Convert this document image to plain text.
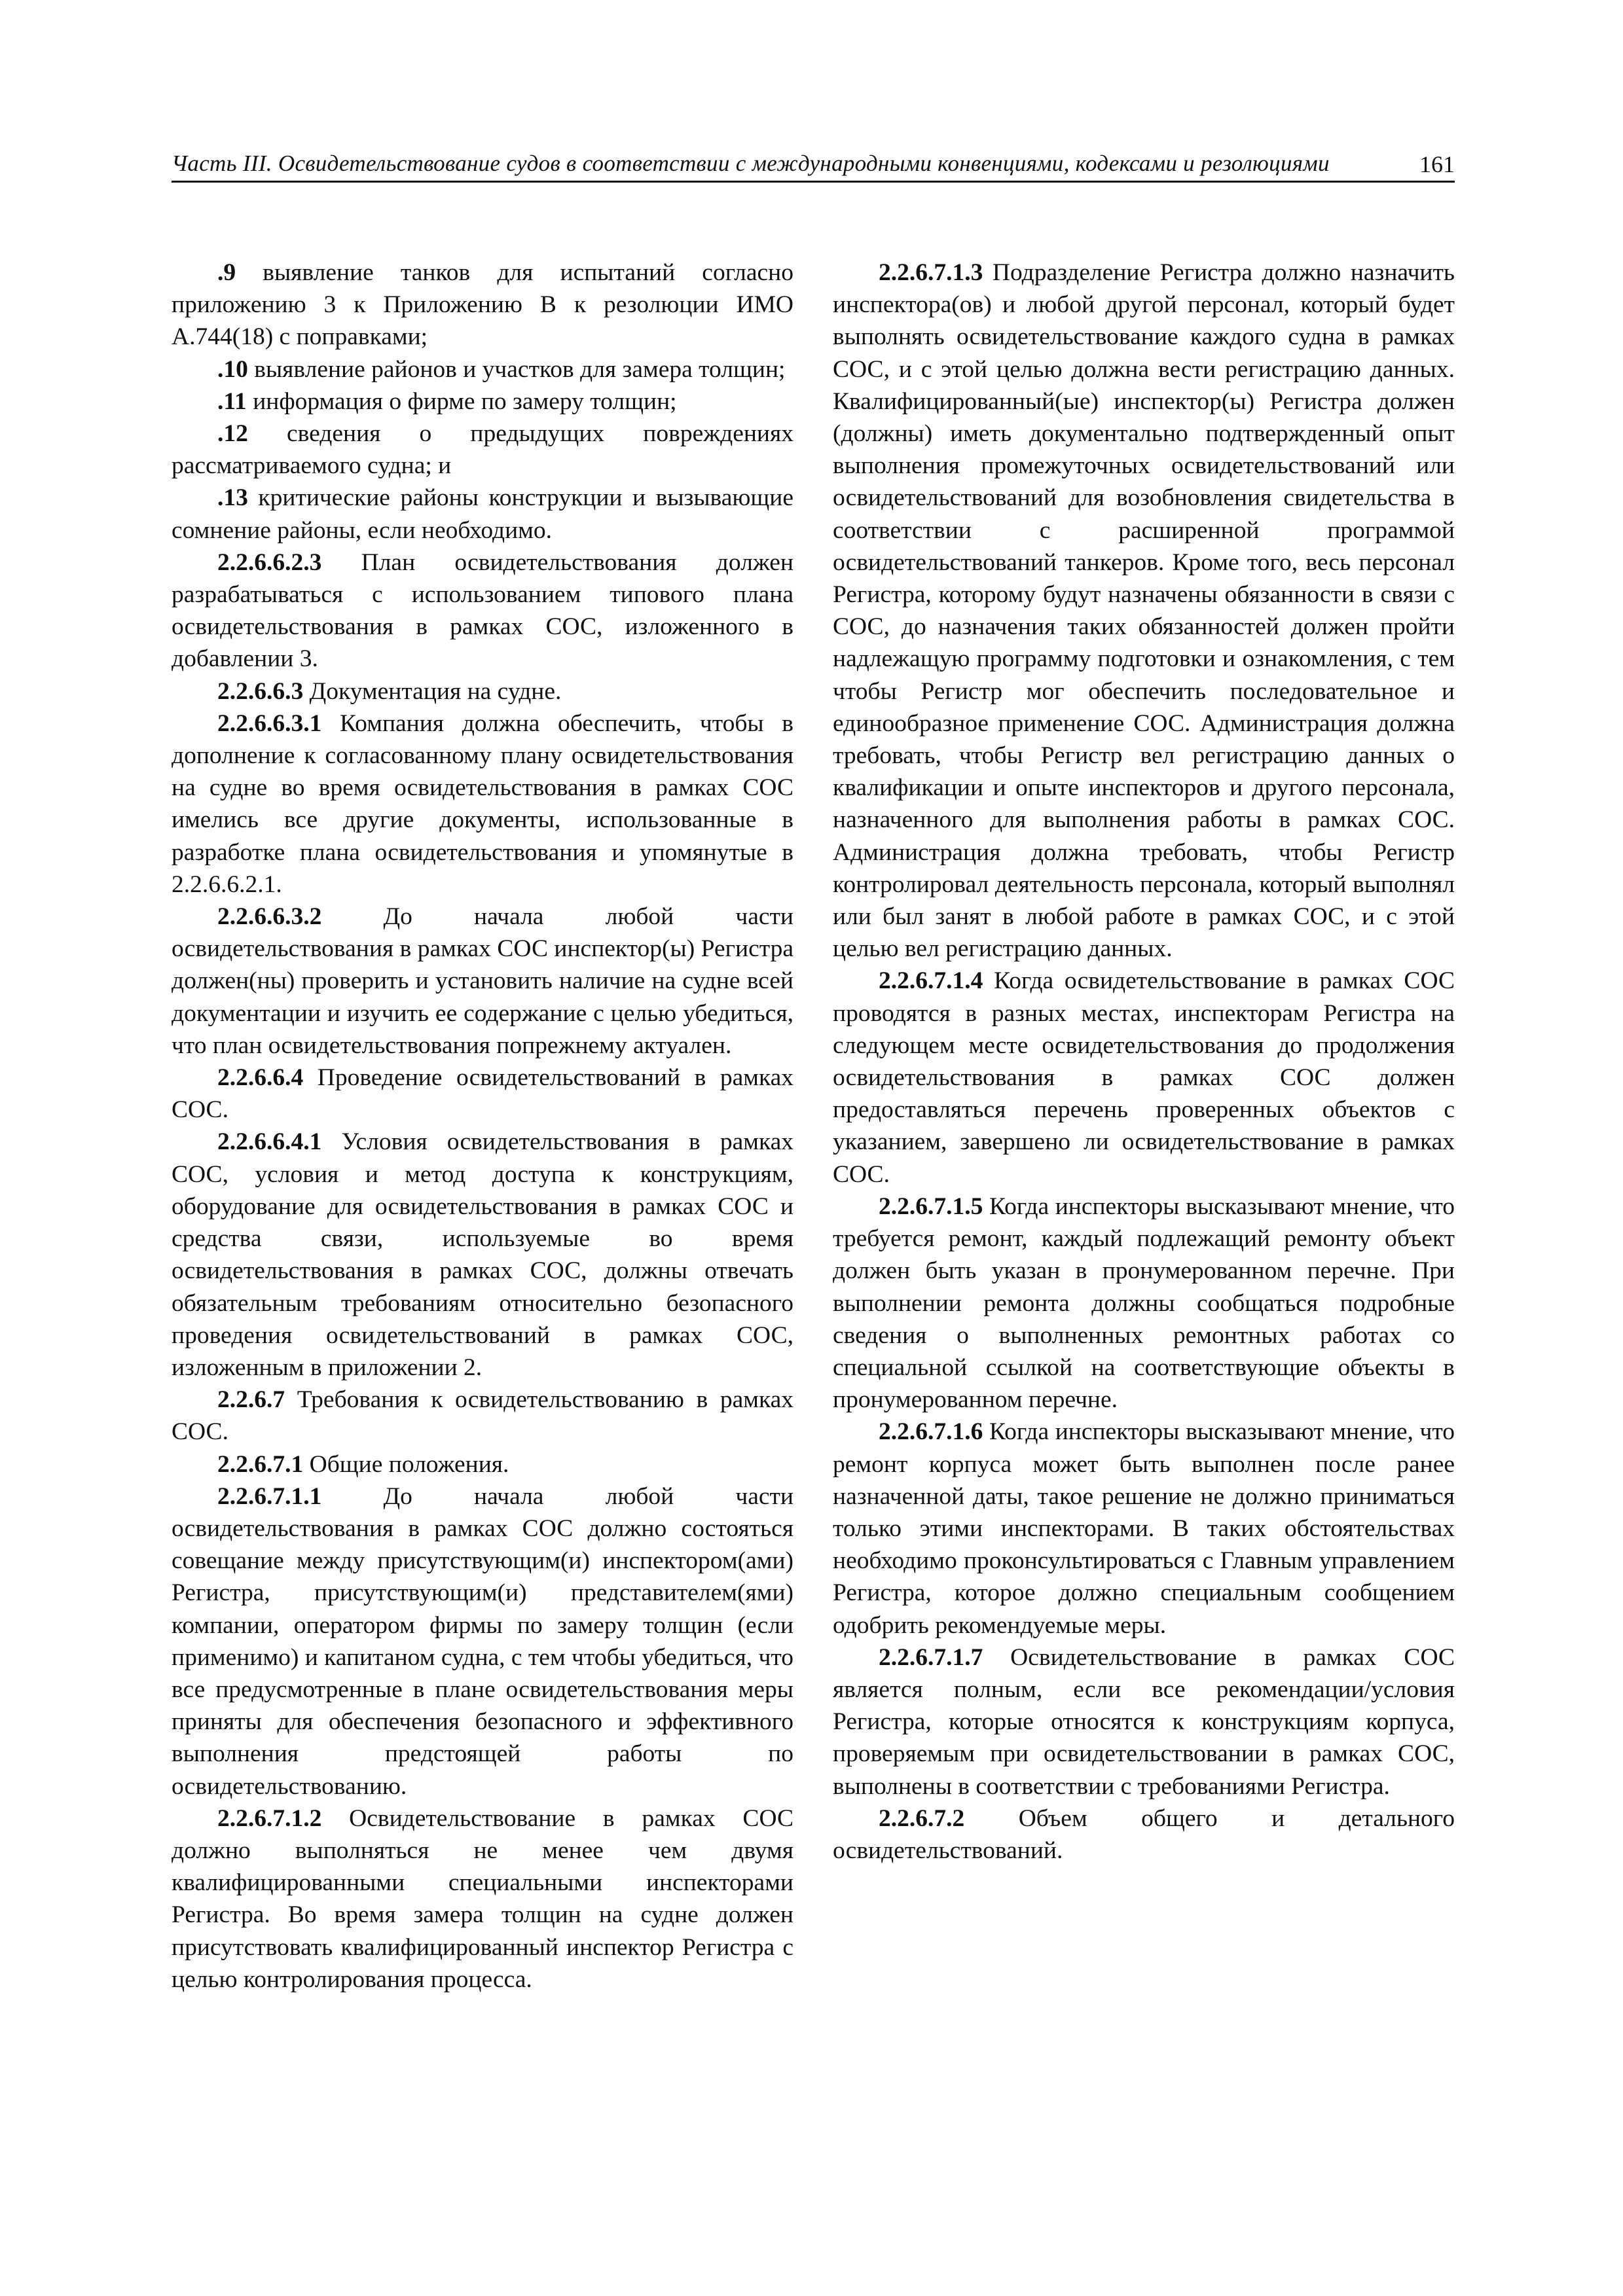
Часть III. Освидетельствование судов в соответствии с международными конвенциями, кодексами и резолюциями	161

.9 выявление танков для испытаний согласно приложению 3 к Приложению В к резолюции ИМО А.744(18) с поправками;

.10 выявление районов и участков для замера толщин;

.11 информация о фирме по замеру толщин;

.12 сведения о предыдущих повреждениях рассматриваемого судна; и

.13 критические районы конструкции и вызывающие сомнение районы, если необходимо.

2.2.6.6.2.3 План освидетельствования должен разрабатываться с использованием типового плана освидетельствования в рамках СОС, изложенного в добавлении 3.

2.2.6.6.3 Документация на судне.

2.2.6.6.3.1 Компания должна обеспечить, чтобы в дополнение к согласованному плану освидетельствования на судне во время освидетельствования в рамках СОС имелись все другие документы, использованные в разработке плана освидетельствования и упомянутые в 2.2.6.6.2.1.

2.2.6.6.3.2 До начала любой части освидетельствования в рамках СОС инспектор(ы) Регистра должен(ны) проверить и установить наличие на судне всей документации и изучить ее содержание с целью убедиться, что план освидетельствования попрежнему актуален.

2.2.6.6.4 Проведение освидетельствований в рамках СОС.

2.2.6.6.4.1 Условия освидетельствования в рамках СОС, условия и метод доступа к конструкциям, оборудование для освидетельствования в рамках СОС и средства связи, используемые во время освидетельствования в рамках СОС, должны отвечать обязательным требованиям относительно безопасного проведения освидетельствований в рамках СОС, изложенным в приложении 2.

2.2.6.7 Требования к освидетельствованию в рамках СОС.

2.2.6.7.1 Общие положения.

2.2.6.7.1.1 До начала любой части освидетельствования в рамках СОС должно состояться совещание между присутствующим(и) инспектором(ами) Регистра, присутствующим(и) представителем(ями) компании, оператором фирмы по замеру толщин (если применимо) и капитаном судна, с тем чтобы убедиться, что все предусмотренные в плане освидетельствования меры приняты для обеспечения безопасного и эффективного выполнения предстоящей работы по освидетельствованию.

2.2.6.7.1.2 Освидетельствование в рамках СОС должно выполняться не менее чем двумя квалифицированными специальными инспекторами Регистра. Во время замера толщин на судне должен присутствовать квалифицированный инспектор Регистра с целью контролирования процесса.

2.2.6.7.1.3 Подразделение Регистра должно назначить инспектора(ов) и любой другой персонал, который будет выполнять освидетельствование каждого судна в рамках СОС, и с этой целью должна вести регистрацию данных. Квалифицированный(ые) инспектор(ы) Регистра должен (должны) иметь документально подтвержденный опыт выполнения промежуточных освидетельствований или освидетельствований для возобновления свидетельства в соответствии с расширенной программой освидетельствований танкеров. Кроме того, весь персонал Регистра, которому будут назначены обязанности в связи с СОС, до назначения таких обязанностей должен пройти надлежащую программу подготовки и ознакомления, с тем чтобы Регистр мог обеспечить последовательное и единообразное применение СОС. Администрация должна требовать, чтобы Регистр вел регистрацию данных о квалификации и опыте инспекторов и другого персонала, назначенного для выполнения работы в рамках СОС. Администрация должна требовать, чтобы Регистр контролировал деятельность персонала, который выполнял или был занят в любой работе в рамках СОС, и с этой целью вел регистрацию данных.

2.2.6.7.1.4 Когда освидетельствование в рамках СОС проводятся в разных местах, инспекторам Регистра на следующем месте освидетельствования до продолжения освидетельствования в рамках СОС должен предоставляться перечень проверенных объектов с указанием, завершено ли освидетельствование в рамках СОС.

2.2.6.7.1.5 Когда инспекторы высказывают мнение, что требуется ремонт, каждый подлежащий ремонту объект должен быть указан в пронумерованном перечне. При выполнении ремонта должны сообщаться подробные сведения о выполненных ремонтных работах со специальной ссылкой на соответствующие объекты в пронумерованном перечне.

2.2.6.7.1.6 Когда инспекторы высказывают мнение, что ремонт корпуса может быть выполнен после ранее назначенной даты, такое решение не должно приниматься только этими инспекторами. В таких обстоятельствах необходимо проконсультироваться с Главным управлением Регистра, которое должно специальным сообщением одобрить рекомендуемые меры.

2.2.6.7.1.7 Освидетельствование в рамках СОС является полным, если все рекомендации/условия Регистра, которые относятся к конструкциям корпуса, проверяемым при освидетельствовании в рамках СОС, выполнены в соответствии с требованиями Регистра.

2.2.6.7.2 Объем общего и детального освидетельствований.
